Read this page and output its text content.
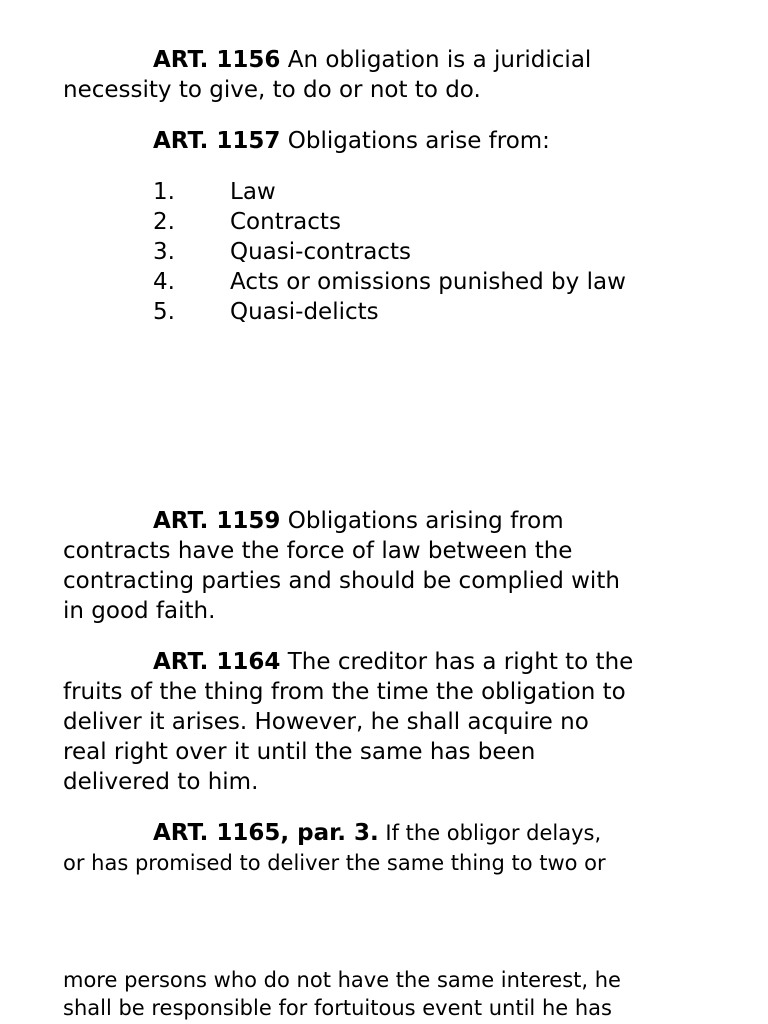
ART. 1156 An obligation is a juridicial
necessity to give, to do or not to do.

ART. 1157 Obligations arise from:

1.	Law
2.	Contracts
3.	Quasi-contracts
4.	Acts or omissions punished by law
5.	Quasi-delicts

ART. 1159 Obligations arising from
contracts have the force of law between the
contracting parties and should be complied with
in good faith.

ART. 1164 The creditor has a right to the
fruits of the thing from the time the obligation to
deliver it arises. However, he shall acquire no
real right over it until the same has been
delivered to him.

ART. 1165, par. 3. If the obligor delays,
or has promised to deliver the same thing to two or

more persons who do not have the same interest, he
shall be responsible for fortuitous event until he has
